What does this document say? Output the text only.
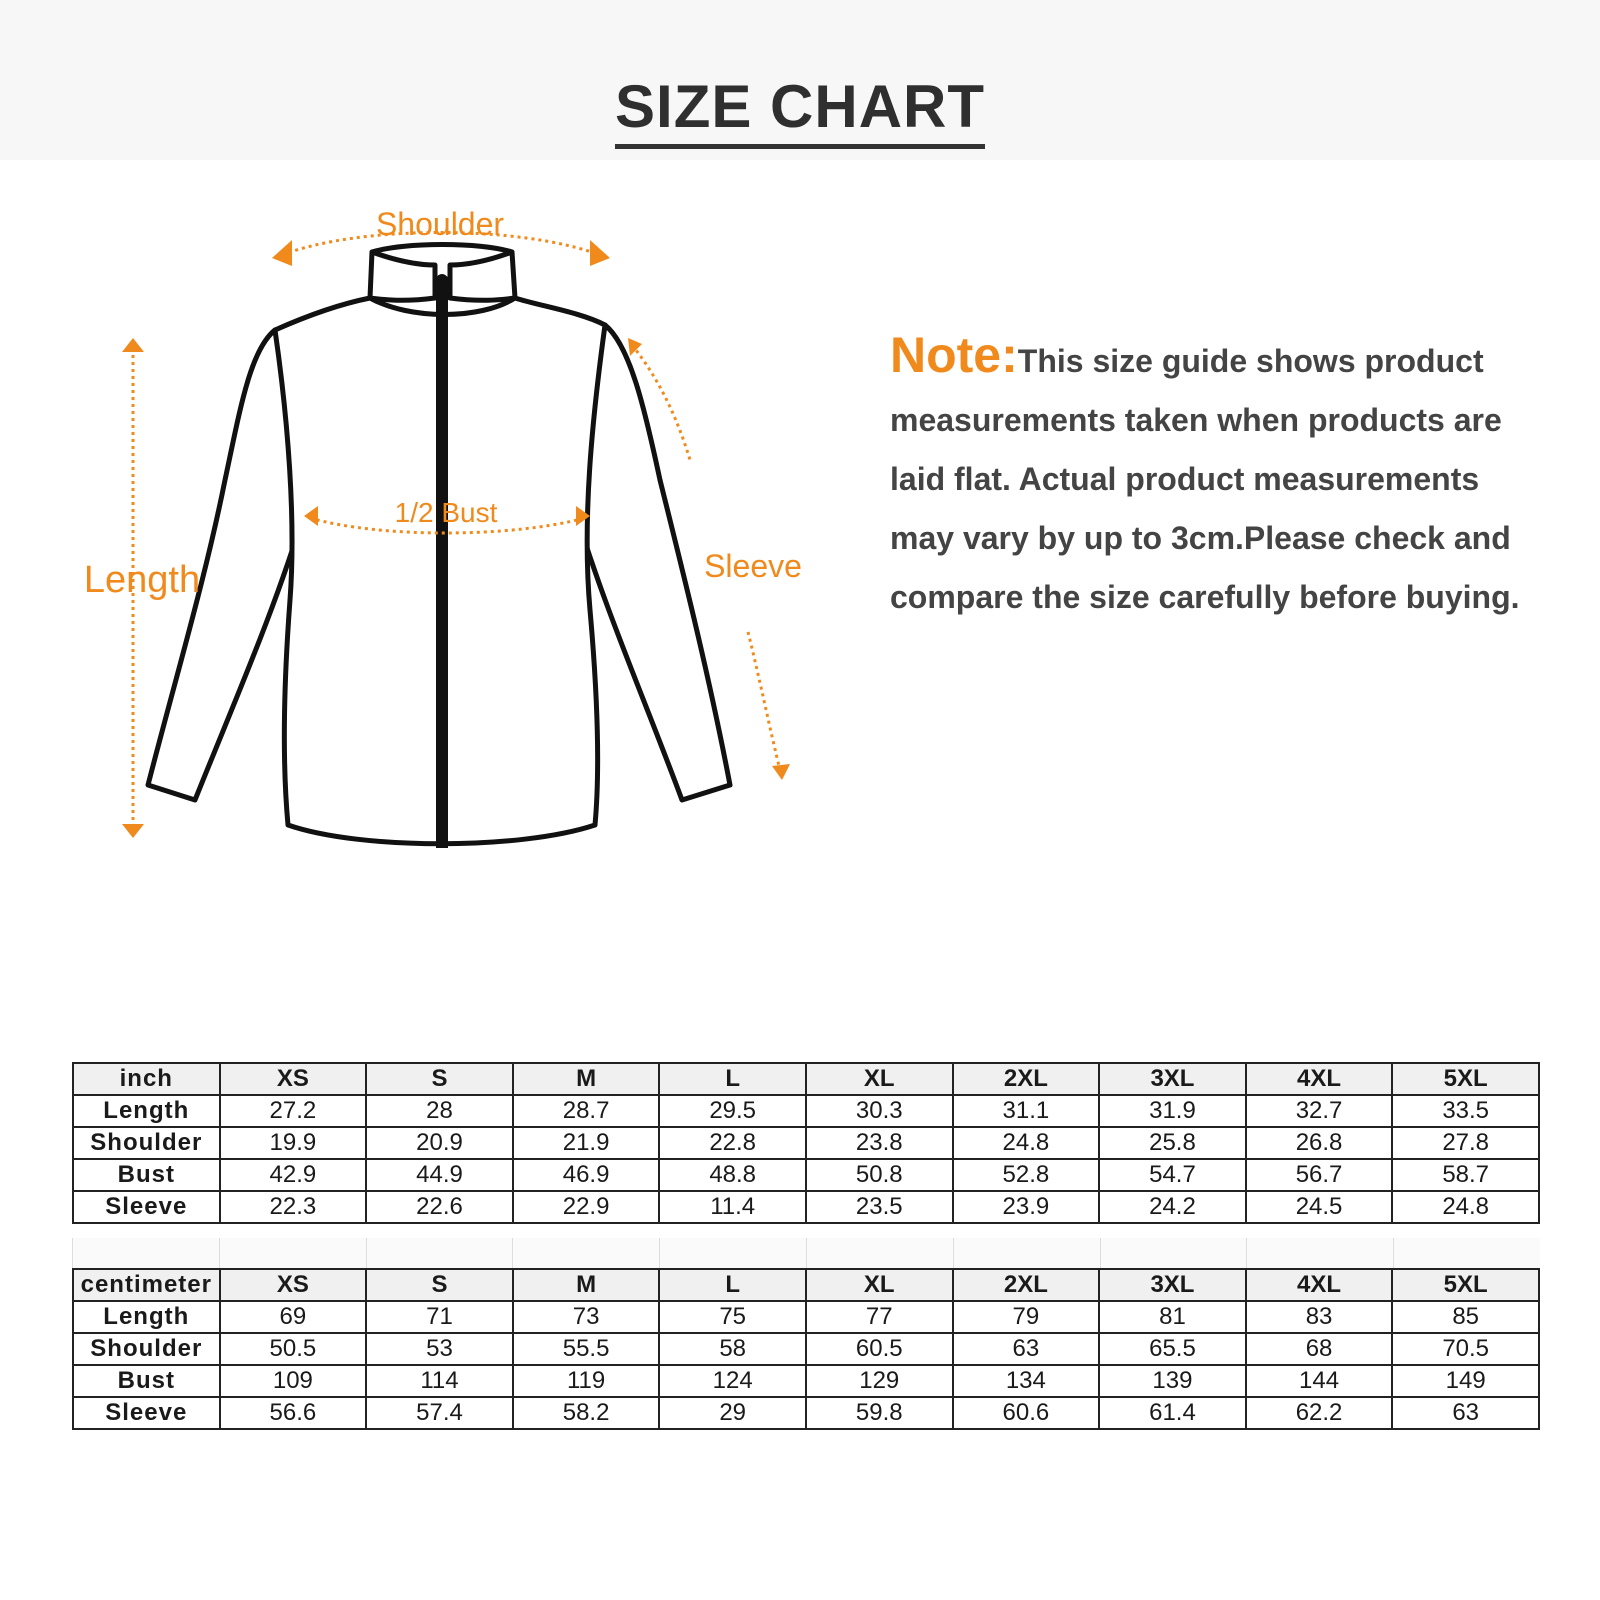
SIZE CHART
Shoulder
1/2 Bust
Length	Sleeve
Note:This size guide shows product measurements taken when products are laid flat. Actual product measurements may vary by up to 3cm.Please check and compare the size carefully before buying.
inch	XS	S	M	L	XL	2XL	3XL	4XL	5XL
Length	27.2	28	28.7	29.5	30.3	31.1	31.9	32.7	33.5
Shoulder	19.9	20.9	21.9	22.8	23.8	24.8	25.8	26.8	27.8
Bust	42.9	44.9	46.9	48.8	50.8	52.8	54.7	56.7	58.7
Sleeve	22.3	22.6	22.9	11.4	23.5	23.9	24.2	24.5	24.8
centimeter	XS	S	M	L	XL	2XL	3XL	4XL	5XL
Length	69	71	73	75	77	79	81	83	85
Shoulder	50.5	53	55.5	58	60.5	63	65.5	68	70.5
Bust	109	114	119	124	129	134	139	144	149
Sleeve	56.6	57.4	58.2	29	59.8	60.6	61.4	62.2	63
